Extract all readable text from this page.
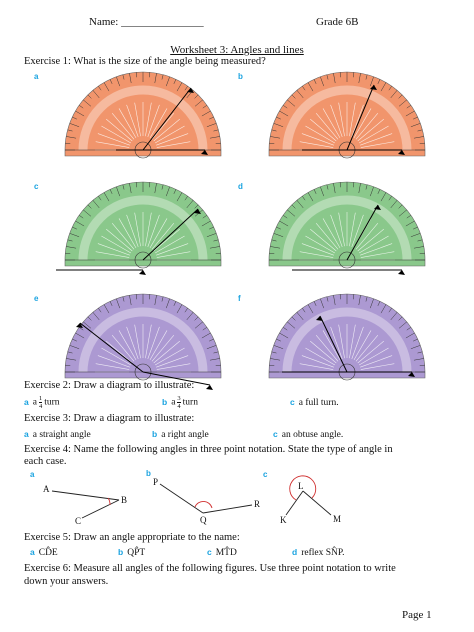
Name: _______________	Grade 6B
Worksheet 3: Angles and lines
Exercise 1: What is the size of the angle being measured?
a	b
c	d
e	f
Exercise 2: Draw a diagram to illustrate:
a a $\frac{1}{4}$ turn	b a $\frac{3}{4}$ turn	c a full turn.
Exercise 3: Draw a diagram to illustrate:
a a straight angle	b a right angle	c an obtuse angle.
Exercise 4: Name the following angles in three point notation. State the type of angle in
each case.
a	b	c
A
B
C
P
Q
R
L
K	M
Exercise 5: Draw an angle appropriate to the name:
a CD̂E	b QP̂T	c MT̂D	d reflex SN̂P.
Exercise 6: Measure all angles of the following figures. Use three point notation to write
down your answers.
Page 1
